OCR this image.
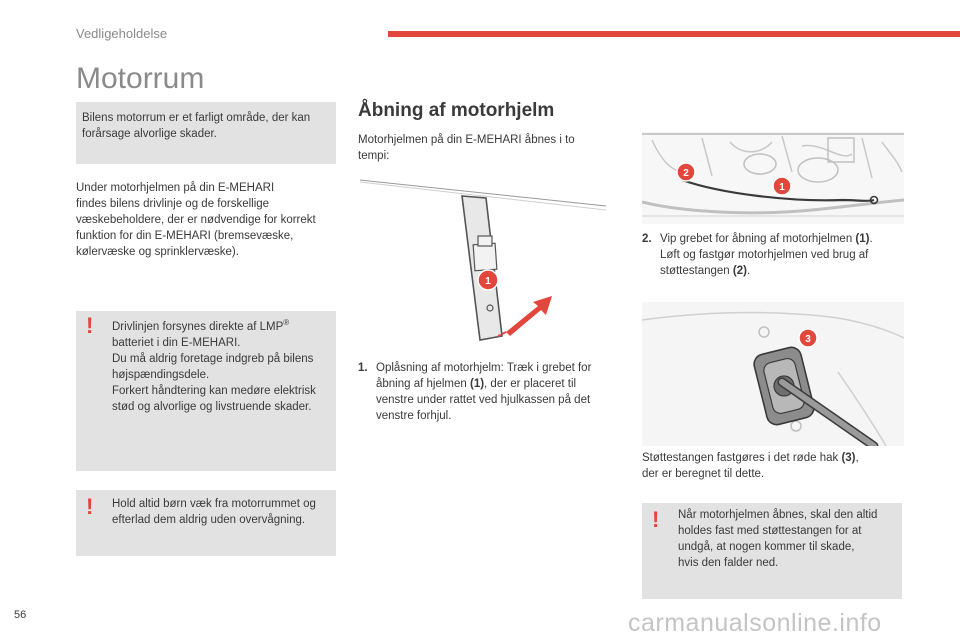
Vedligeholdelse
Motorrum
Bilens motorrum er et farligt område, der kan forårsage alvorlige skader.
Under motorhjelmen på din E-MEHARI
findes bilens drivlinje og de forskellige
væskebeholdere, der er nødvendige for korrekt
funktion for din E-MEHARI (bremsevæske,
kølervæske og sprinklervæske).
! Drivlinjen forsynes direkte af LMP®
batteriet i din E-MEHARI.
Du må aldrig foretage indgreb på bilens
højspændingsdele.
Forkert håndtering kan medøre elektrisk
stød og alvorlige og livstruende skader.
! Hold altid børn væk fra motorrummet og
efterlad dem aldrig uden overvågning.
Åbning af motorhjelm
Motorhjelmen på din E-MEHARI åbnes i to
tempi:
1
1. Oplåsning af motorhjelm: Træk i grebet for
åbning af hjelmen (1), der er placeret til
venstre under rattet ved hjulkassen på det
venstre forhjul.
2
1
2. Vip grebet for åbning af motorhjelmen (1).
Løft og fastgør motorhjelmen ved brug af
støttestangen (2).
3
Støttestangen fastgøres i det røde hak (3),
der er beregnet til dette.
! Når motorhjelmen åbnes, skal den altid
holdes fast med støttestangen for at
undgå, at nogen kommer til skade,
hvis den falder ned.
56	carmanualsonline.info
